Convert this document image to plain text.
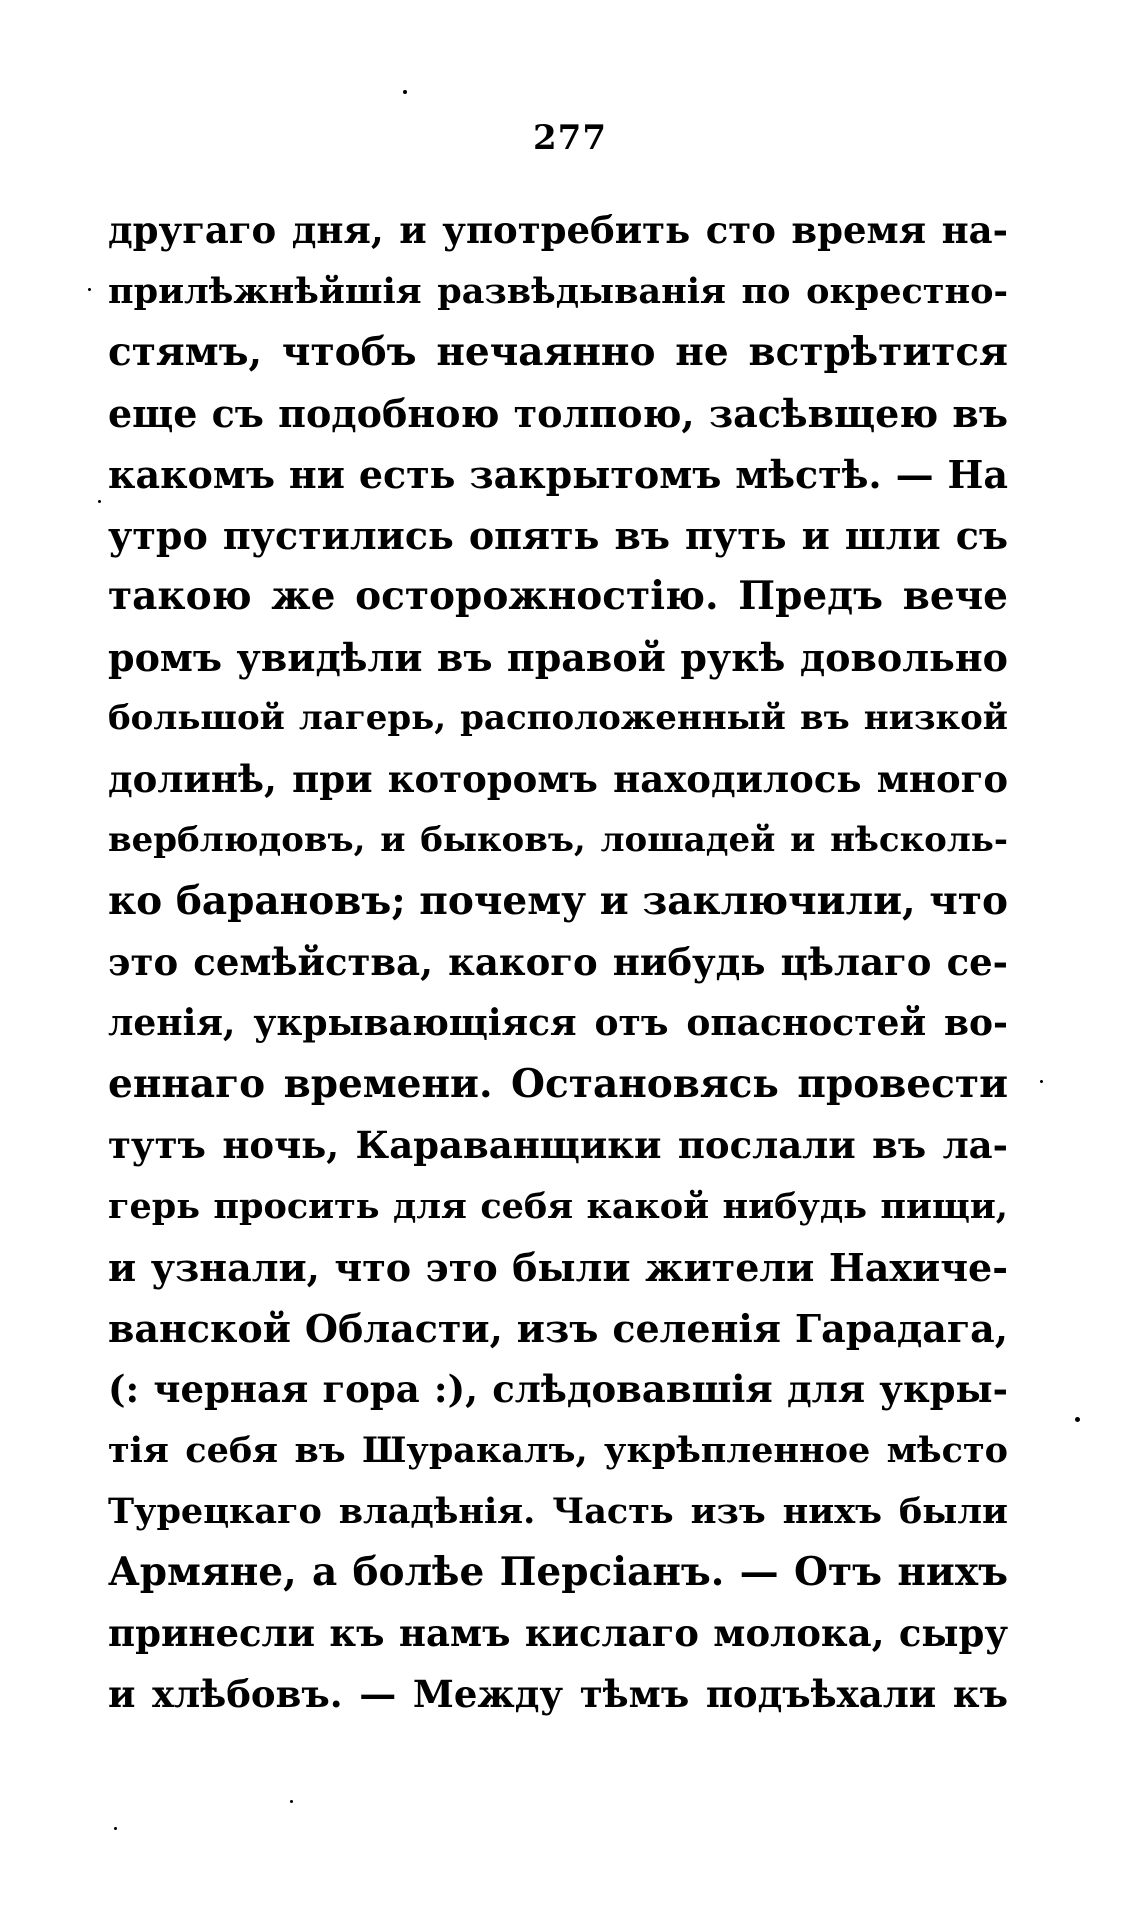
277
другаго дня, и употребить сто время на-
прилѣжнѣйшія развѣдыванія по окрестно-
стямъ, чтобъ нечаянно не встрѣтится
еще съ подобною толпою, засѣвщею въ
какомъ ни есть закрытомъ мѣстѣ. — На
утро пустились опять въ путь и шли съ
такою же осторожностію. Предъ вече
ромъ увидѣли въ правой рукѣ довольно
большой лагерь, расположенный въ низкой
долинѣ, при которомъ находилось много
верблюдовъ, и быковъ, лошадей и нѣсколь-
ко барановъ; почему и заключили, что
это семѣйства, какого нибудь цѣлаго се-
ленія, укрывающіяся отъ опасностей во-
еннаго времени. Остановясь провести
тутъ ночь, Караванщики послали въ ла-
герь просить для себя какой нибудь пищи,
и узнали, что это были жители Нахиче-
ванской Области, изъ селенія Гарадага,
(: черная гора :), слѣдовавшія для укры-
тія себя въ Шуракалъ, укрѣпленное мѣсто
Турецкаго владѣнія. Часть изъ нихъ были
Армяне, а болѣе Персіанъ. — Отъ нихъ
принесли къ намъ кислаго молока, сыру
и хлѣбовъ. — Между тѣмъ подъѣхали къ
